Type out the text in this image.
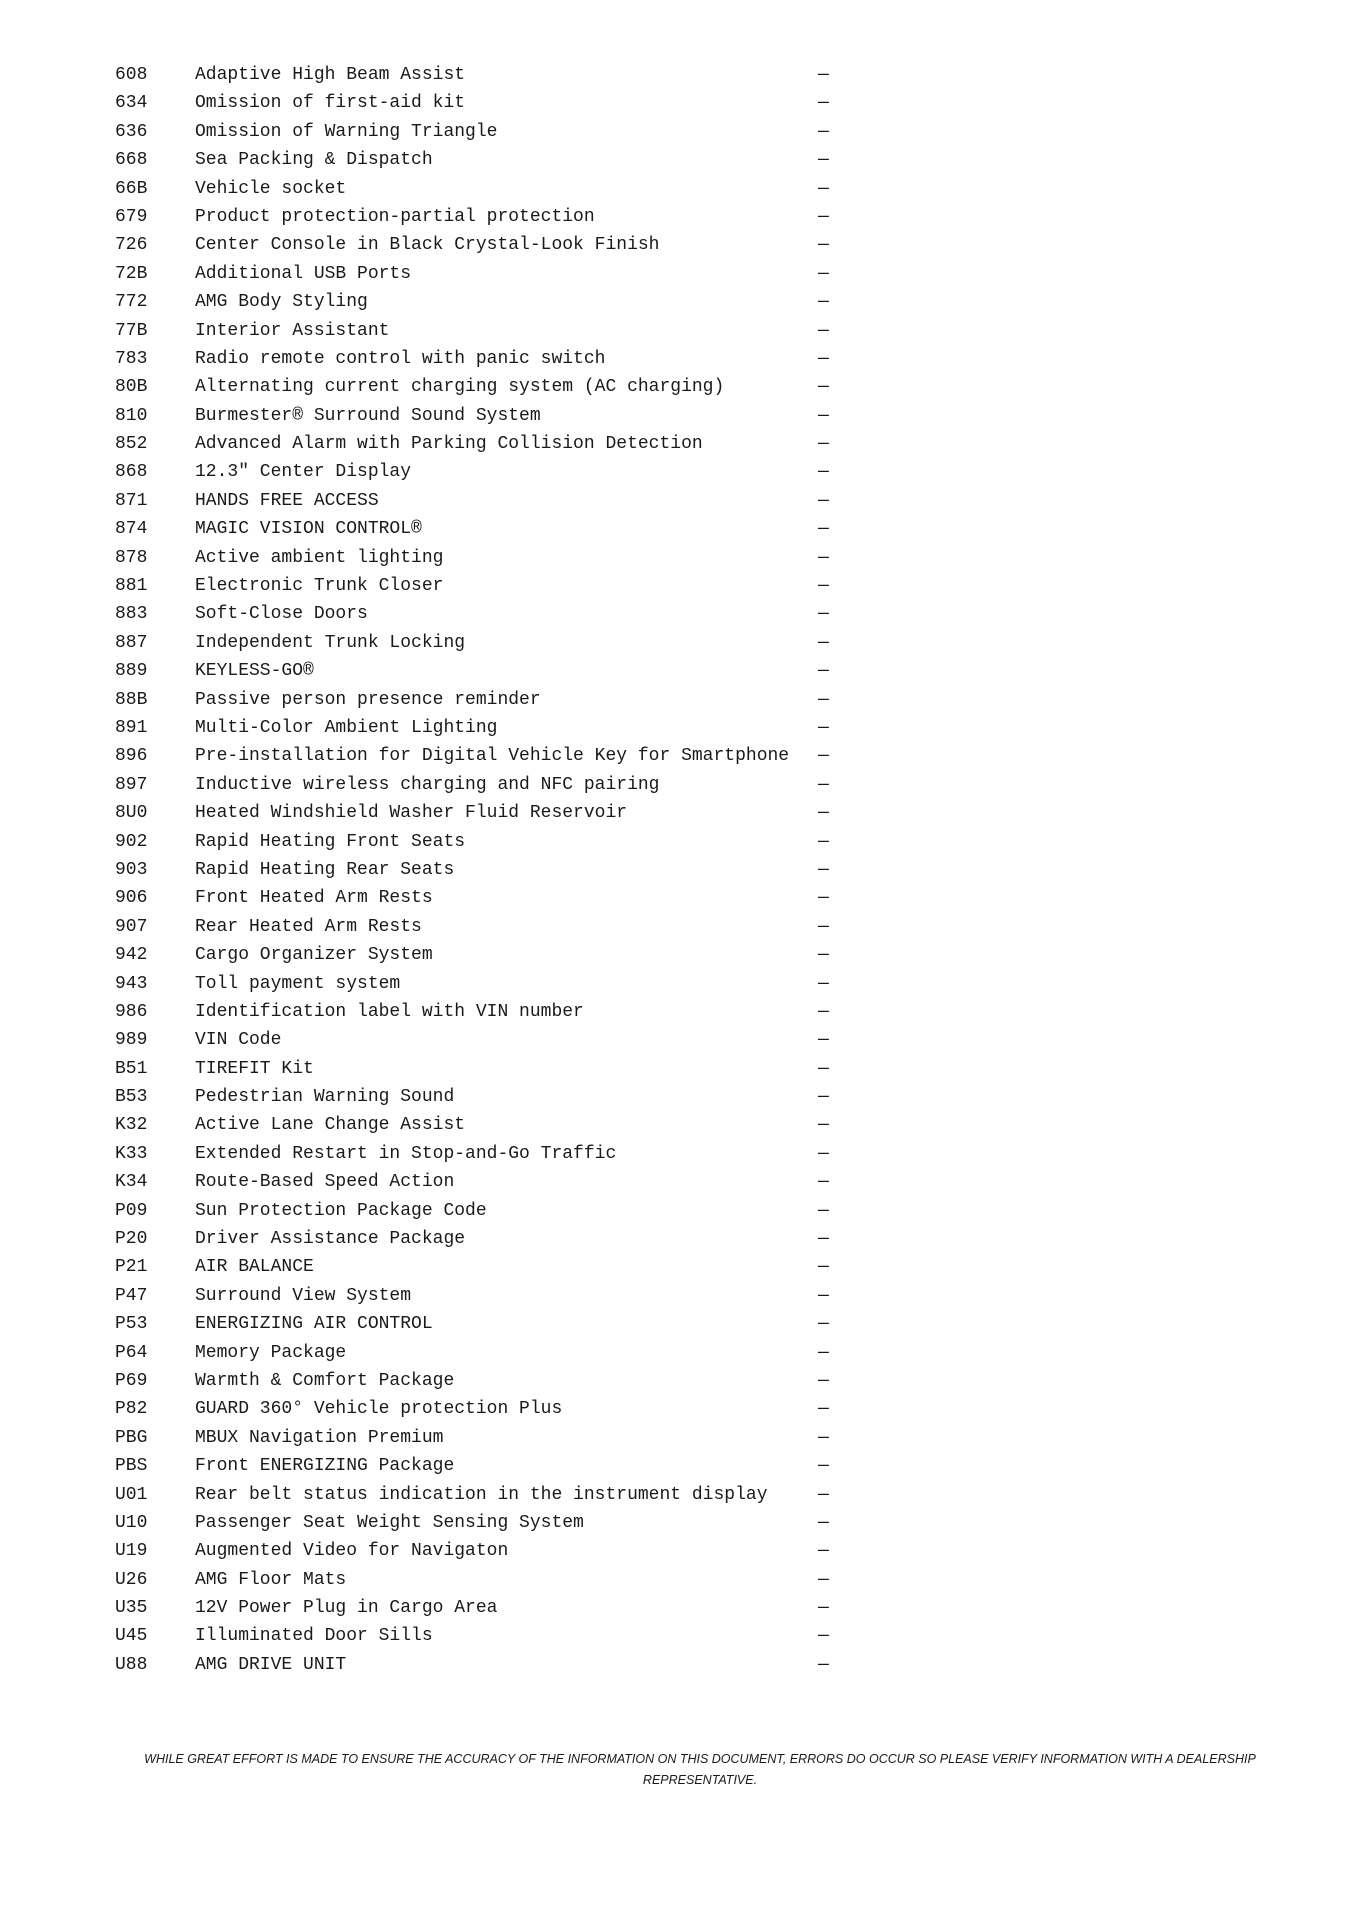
608	Adaptive High Beam Assist	—
634	Omission of first-aid kit	—
636	Omission of Warning Triangle	—
668	Sea Packing & Dispatch	—
66B	Vehicle socket	—
679	Product protection-partial protection	—
726	Center Console in Black Crystal-Look Finish	—
72B	Additional USB Ports	—
772	AMG Body Styling	—
77B	Interior Assistant	—
783	Radio remote control with panic switch	—
80B	Alternating current charging system (AC charging)	—
810	Burmester® Surround Sound System	—
852	Advanced Alarm with Parking Collision Detection	—
868	12.3" Center Display	—
871	HANDS FREE ACCESS	—
874	MAGIC VISION CONTROL®	—
878	Active ambient lighting	—
881	Electronic Trunk Closer	—
883	Soft-Close Doors	—
887	Independent Trunk Locking	—
889	KEYLESS-GO®	—
88B	Passive person presence reminder	—
891	Multi-Color Ambient Lighting	—
896	Pre-installation for Digital Vehicle Key for Smartphone —
897	Inductive wireless charging and NFC pairing	—
8U0	Heated Windshield Washer Fluid Reservoir	—
902	Rapid Heating Front Seats	—
903	Rapid Heating Rear Seats	—
906	Front Heated Arm Rests	—
907	Rear Heated Arm Rests	—
942	Cargo Organizer System	—
943	Toll payment system	—
986	Identification label with VIN number	—
989	VIN Code	—
B51	TIREFIT Kit	—
B53	Pedestrian Warning Sound	—
K32	Active Lane Change Assist	—
K33	Extended Restart in Stop-and-Go Traffic	—
K34	Route-Based Speed Action	—
P09	Sun Protection Package Code	—
P20	Driver Assistance Package	—
P21	AIR BALANCE	—
P47	Surround View System	—
P53	ENERGIZING AIR CONTROL	—
P64	Memory Package	—
P69	Warmth & Comfort Package	—
P82	GUARD 360° Vehicle protection Plus	—
PBG	MBUX Navigation Premium	—
PBS	Front ENERGIZING Package	—
U01	Rear belt status indication in the instrument display	—
U10	Passenger Seat Weight Sensing System	—
U19	Augmented Video for Navigaton	—
U26	AMG Floor Mats	—
U35	12V Power Plug in Cargo Area	—
U45	Illuminated Door Sills	—
U88	AMG DRIVE UNIT	—
WHILE GREAT EFFORT IS MADE TO ENSURE THE ACCURACY OF THE INFORMATION ON THIS DOCUMENT, ERRORS DO OCCUR SO PLEASE VERIFY INFORMATION WITH A DEALERSHIP REPRESENTATIVE.
